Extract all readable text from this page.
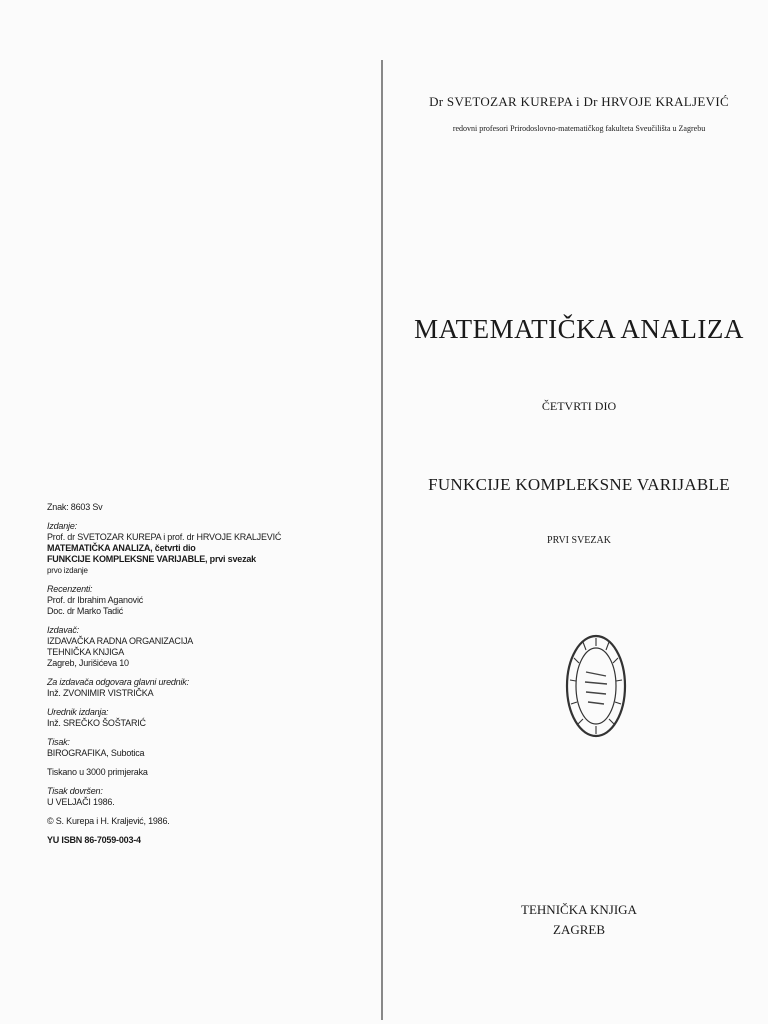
Znak: 8603 Sv
Izdanje:
Prof. dr SVETOZAR KUREPA i prof. dr HRVOJE KRALJEVIĆ
MATEMATIČKA ANALIZA, četvrti dio
FUNKCIJE KOMPLEKSNE VARIJABLE, prvi svezak
prvo izdanje
Recenzenti:
Prof. dr Ibrahim Aganović
Doc. dr Marko Tadić
Izdavač:
IZDAVAČKA RADNA ORGANIZACIJA
TEHNIČKA KNJIGA
Zagreb, Jurišićeva 10
Za izdavača odgovara glavni urednik:
Inž. ZVONIMIR VISTRIČKA
Urednik izdanja:
Inž. SREČKO ŠOŠTARIĆ
Tisak:
BIROGRAFIKA, Subotica
Tiskano u 3000 primjeraka
Tisak dovršen:
U VELJAČI 1986.
© S. Kurepa i H. Kraljević, 1986.
YU ISBN 86-7059-003-4
Dr SVETOZAR KUREPA i Dr HRVOJE KRALJEVIĆ
redovni profesori Prirodoslovno-matematičkog fakulteta Sveučilišta u Zagrebu
MATEMATIČKA ANALIZA
ČETVRTI DIO
FUNKCIJE KOMPLEKSNE VARIJABLE
PRVI SVEZAK
TEHNIČKA KNJIGA
ZAGREB
